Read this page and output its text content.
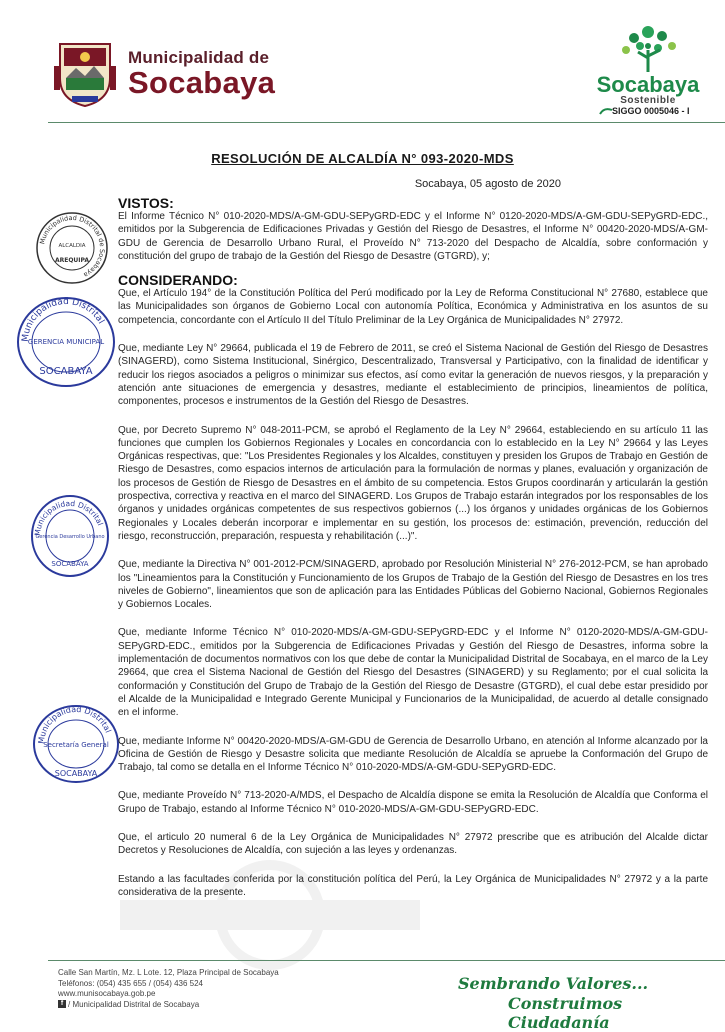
Municipalidad de
Socabaya	Socabaya
Sostenible
SIGGO 0005046 - I
RESOLUCIÓN DE ALCALDÍA N° 093-2020-MDS
Socabaya, 05 agosto de 2020
Municipalidad Distrital de Socabaya
ALCALDIA
AREQUIPA
Municipalidad Distrital
GERENCIA MUNICIPAL
SOCABAYA
Municipalidad Distrital
Gerencia Desarrollo Urbano
SOCABAYA
Municipalidad Distrital
Secretaría General
SOCABAYA

VISTOS:

El Informe Técnico N° 010-2020-MDS/A-GM-GDU-SEPyGRD-EDC y el Informe N° 0120-2020-MDS/A-GM-GDU-SEPyGRD-EDC., emitidos por la Subgerencia de Edificaciones Privadas y Gestión del Riesgo de Desastres, el Informe N° 00420-2020-MDS/A-GM-GDU de Gerencia de Desarrollo Urbano Rural, el Proveído N° 713-2020 del Despacho de Alcaldía, sobre conformación y constitución del grupo de trabajo de la Gestión del Riesgo de Desastre (GTGRD), y;

CONSIDERANDO:

Que, el Artículo 194° de la Constitución Política del Perú modificado por la Ley de Reforma Constitucional N° 27680, establece que las Municipalidades son órganos de Gobierno Local con autonomía Política, Económica y Administrativa en los asuntos de su competencia, concordante con el Artículo II del Título Preliminar de la Ley Orgánica de Municipalidades N° 27972.

Que, mediante Ley N° 29664, publicada el 19 de Febrero de 2011, se creó el Sistema Nacional de Gestión del Riesgo de Desastres (SINAGERD), como Sistema Institucional, Sinérgico, Descentralizado, Transversal y Participativo, con la finalidad de identificar y reducir los riegos asociados a peligros o minimizar sus efectos, así como evitar la generación de nuevos riesgos, y la preparación y atención ante situaciones de emergencia y desastres, mediante el establecimiento de principios, lineamientos de política, componentes, procesos e instrumentos de la Gestión del Riesgo de Desastres.

Que, por Decreto Supremo N° 048-2011-PCM, se aprobó el Reglamento de la Ley N° 29664, estableciendo en su artículo 11 las funciones que cumplen los Gobiernos Regionales y Locales en concordancia con lo establecido en la Ley N° 29664 y las Leyes Orgánicas respectivas, que: "Los Presidentes Regionales y los Alcaldes, constituyen y presiden los Grupos de Trabajo en Gestión de Riesgo de Desastres, como espacios internos de articulación para la formulación de normas y planes, evaluación y organización de los procesos de Gestión de Riesgo de Desastres en el ámbito de su competencia. Estos Grupos coordinarán y articularán la gestión prospectiva, correctiva y reactiva en el marco del SINAGERD. Los Grupos de Trabajo estarán integrados por los responsables de los órganos y unidades orgánicas competentes de sus respectivos gobiernos (...) los órganos y unidades orgánicas de los Gobiernos Regionales y Locales deberán incorporar e implementar en su gestión, los procesos de: estimación, prevención, reducción del riesgo, reconstrucción, preparación, respuesta y rehabilitación (...)".

Que, mediante la Directiva N° 001-2012-PCM/SINAGERD, aprobado por Resolución Ministerial N° 276-2012-PCM, se han aprobado los "Lineamientos para la Constitución y Funcionamiento de los Grupos de Trabajo de la Gestión del Riesgo de Desastres en los tres niveles de Gobierno", lineamientos que son de aplicación para las Entidades Públicas del Gobierno Nacional, Gobiernos Regionales y Gobiernos Locales.

Que, mediante Informe Técnico N° 010-2020-MDS/A-GM-GDU-SEPyGRD-EDC y el Informe N° 0120-2020-MDS/A-GM-GDU-SEPyGRD-EDC., emitidos por la Subgerencia de Edificaciones Privadas y Gestión del Riesgo de Desastres, informa sobre la implementación de documentos normativos con los que debe de contar la Municipalidad Distrital de Socabaya, en el marco de la Ley 29664, que crea el Sistema Nacional de Gestión del Riesgo del Desastres (SINAGERD) y su Reglamento; por el cual solicita la conformación y Constitución del Grupo de Trabajo de la Gestión del Riesgo de Desastre (GTGRD), el cual debe estar presidido por el Alcalde de la Municipalidad e Integrado Gerente Municipal y Funcionarios de la Municipalidad, de acuerdo al detalle consignado en el informe.

Que, mediante Informe N° 00420-2020-MDS/A-GM-GDU de Gerencia de Desarrollo Urbano, en atención al Informe alcanzado por la Oficina de Gestión de Riesgo y Desastre solicita que mediante Resolución de Alcaldía se apruebe la Conformación del Grupo de Trabajo, tal como se detalla en el Informe Técnico N° 010-2020-MDS/A-GM-GDU-SEPyGRD-EDC.

Que, mediante Proveído N° 713-2020-A/MDS, el Despacho de Alcaldía dispone se emita la Resolución de Alcaldía que Conforma el Grupo de Trabajo, estando al Informe Técnico N° 010-2020-MDS/A-GM-GDU-SEPyGRD-EDC.

Que, el articulo 20 numeral 6 de la Ley Orgánica de Municipalidades N° 27972 prescribe que es atribución del Alcalde dictar Decretos y Resoluciones de Alcaldía, con sujeción a las leyes y ordenanzas.

Estando a las facultades conferida por la constitución política del Perú, la Ley Orgánica de Municipalidades N° 27972 y a la parte considerativa de la presente.

Calle San Martín, Mz. L Lote. 12, Plaza Principal de Socabaya
Teléfonos: (054) 435 655 / (054) 436 524
www.munisocabaya.gob.pe
f / Municipalidad Distrital de Socabaya
Sembrando Valores...
Construimos Ciudadanía
